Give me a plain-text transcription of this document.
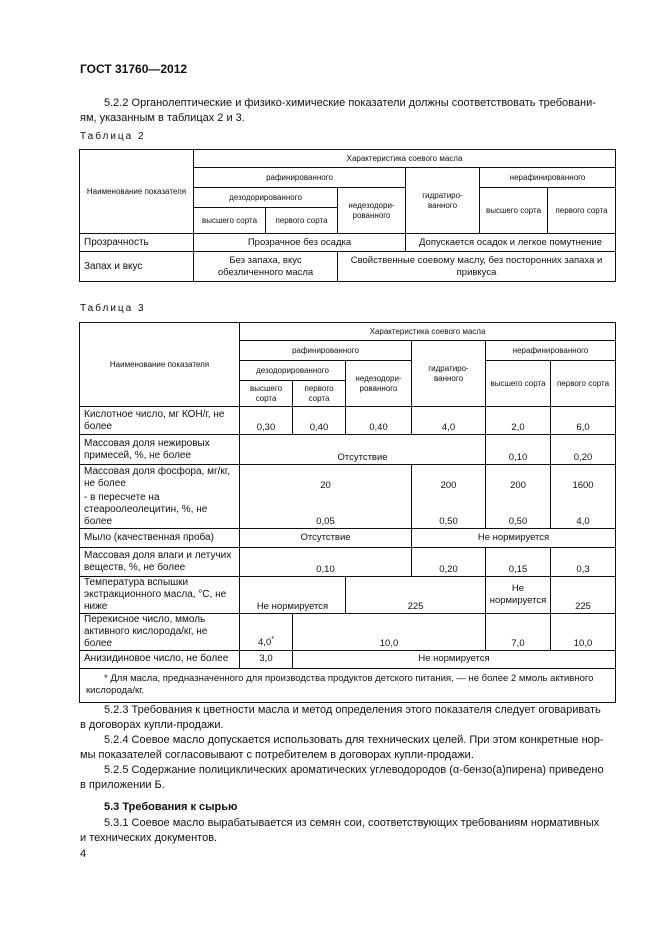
ГОСТ 31760—2012
5.2.2 Органолептические и физико-химические показатели должны соответствовать требовани-
ям, указанным в таблицах 2 и 3.
Таблица 2
Наименование показателя	Характеристика соевого масла					
	рафинированного			гидратиро-ванного	нерафинированного	
	дезодорированного		недезодори-рованного		высшего сорта	первого сорта
	высшего сорта	первого сорта				
Прозрачность	Прозрачное без осадка			Допускается осадок и легкое помутнение		
Запах и вкус	Без запаха, вкус обезличенного масла		Свойственные соевому маслу, без посторонних запаха и привкуса			
Таблица 3
Наименование показателя	Характеристика соевого масла					
	рафинированного			гидратиро-ванного	нерафинированного	
	дезодорированного		недезодори-рованного		высшего сорта	первого сорта
	высшего сорта	первого сорта				
Кислотное число, мг КОН/г, не более	0,30	0,40	0,40	4,0	2,0	6,0
Массовая доля нежировых примесей, %, не более	Отсутствие				0,10	0,20
Массовая доля фосфора, мг/кг, не более	20			200	200	1600
- в пересчете на стеароолеолецитин, %, не более	0,05			0,50	0,50	4,0
Мыло (качественная проба)	Отсутствие			Не нормируется		
Массовая доля влаги и летучих веществ, %, не более	0,10			0,20	0,15	0,3
Температура вспышки экстракционного масла, °С, не ниже	Не нормируется		225		Не нормируется	225
Перекисное число, ммоль активного кислорода/кг, не более	4,0*	10,0			7,0	10,0
Анизидиновое число, не более	3,0	Не нормируется				
* Для масла, предназначенного для производства продуктов детского питания, — не более 2 ммоль активного кислорода/кг.						
5.2.3 Требования к цветности масла и метод определения этого показателя следует оговаривать
в договорах купли-продажи.
5.2.4 Соевое масло допускается использовать для технических целей. При этом конкретные нор-
мы показателей согласовывают с потребителем в договорах купли-продажи.
5.2.5 Содержание полициклических ароматических углеводородов (α-бензо(а)пирена) приведено
в приложении Б.
5.3 Требования к сырью
5.3.1 Соевое масло вырабатывается из семян сои, соответствующих требованиям нормативных
и технических документов.
4
